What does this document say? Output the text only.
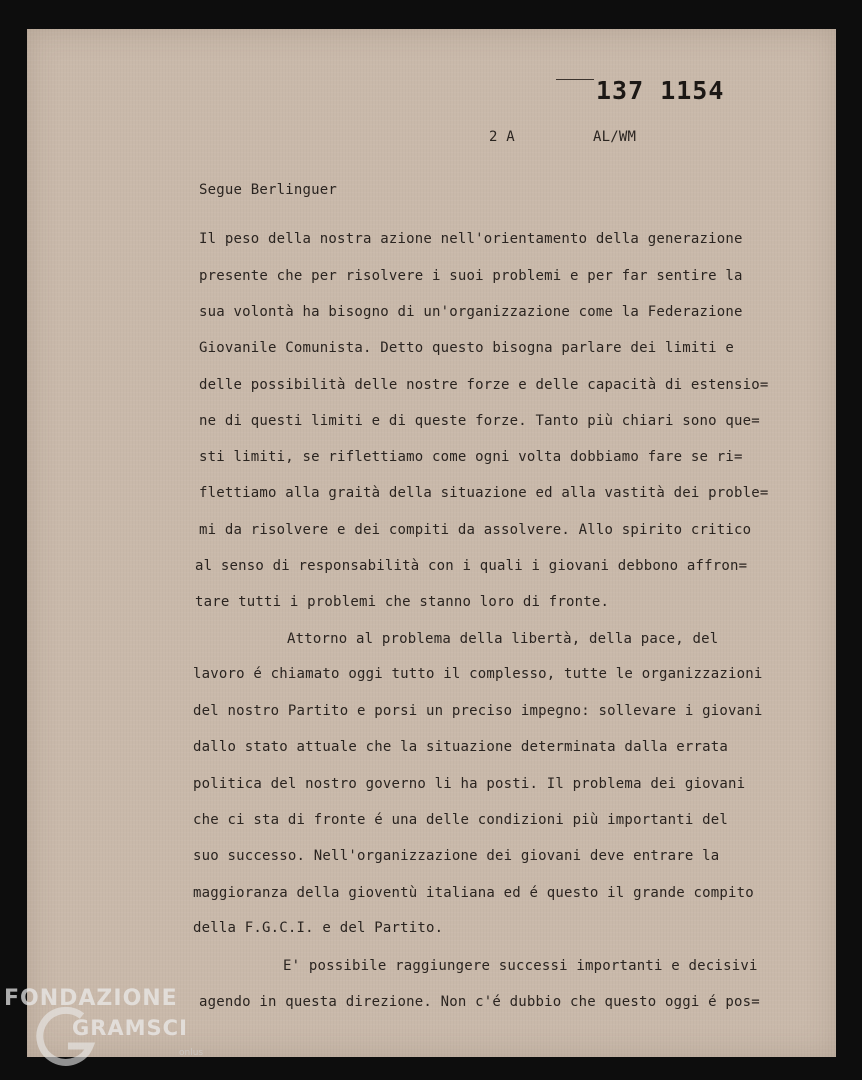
137 1154
2 A	AL/WM
Segue Berlinguer
Il peso della nostra azione nell'orientamento della generazione
presente che per risolvere i suoi problemi e per far sentire la
sua volontà ha bisogno di un'organizzazione come la Federazione
Giovanile Comunista. Detto questo bisogna parlare dei limiti e
delle possibilità delle nostre forze e delle capacità di estensio=
ne di questi limiti e di queste forze. Tanto più chiari sono que=
sti limiti, se riflettiamo come ogni volta dobbiamo fare se ri=
flettiamo alla graità della situazione ed alla vastità dei proble=
mi da risolvere e dei compiti da assolvere. Allo spirito critico
al senso di responsabilità con i quali i giovani debbono affron=
tare tutti i problemi che stanno loro di fronte.
Attorno al problema della libertà, della pace, del
lavoro é chiamato oggi tutto il complesso, tutte le organizzazioni
del nostro Partito e porsi un preciso impegno: sollevare i giovani
dallo stato attuale che la situazione determinata dalla errata
politica del nostro governo li ha posti. Il problema dei giovani
che ci sta di fronte é una delle condizioni più importanti del
suo successo. Nell'organizzazione dei giovani deve entrare la
maggioranza della gioventù italiana ed é questo il grande compito
della F.G.C.I. e del Partito.
E' possibile raggiungere successi importanti e decisivi
agendo in questa direzione. Non c'é dubbio che questo oggi é pos=
FONDAZIONE
GRAMSCI
onlus
